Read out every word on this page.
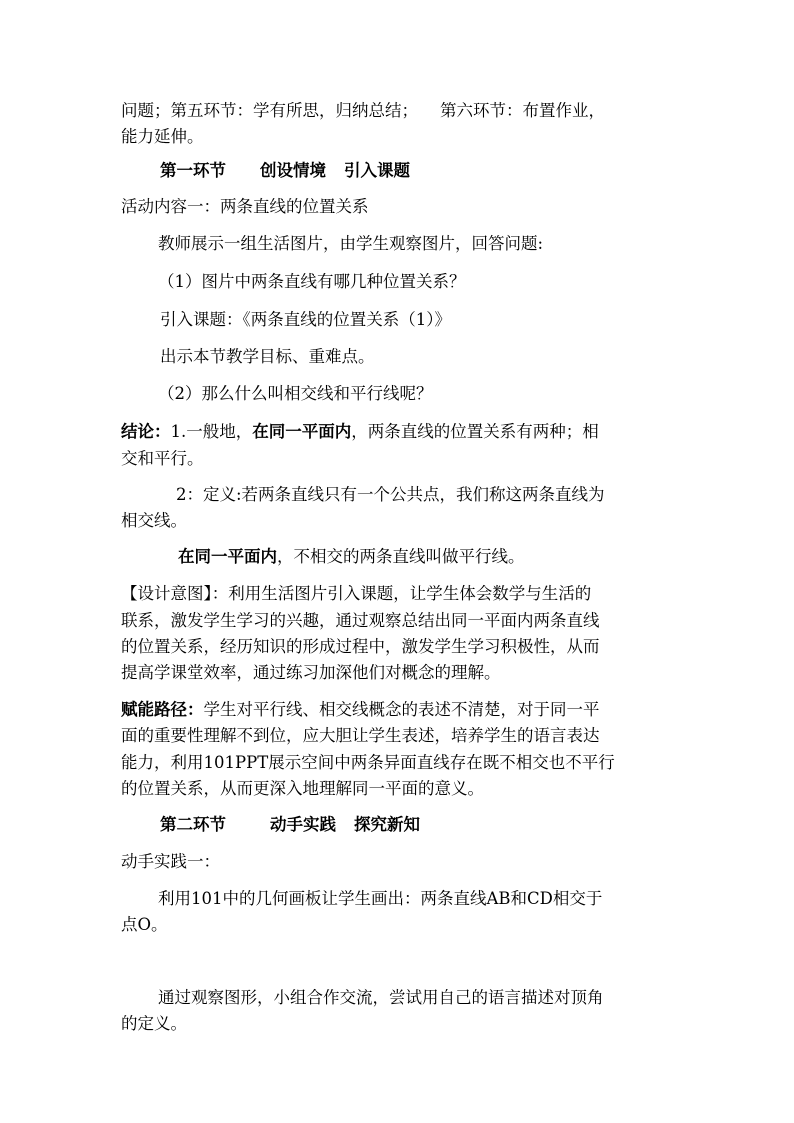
问题；第五环节：学有所思，归纳总结； 第六环节：布置作业，
能力延伸。
第一环节 创设情境 引入课题
活动内容一：两条直线的位置关系
教师展示一组生活图片，由学生观察图片，回答问题:
（1）图片中两条直线有哪几种位置关系？
引入课题：《两条直线的位置关系（1）》
出示本节教学目标、重难点。
（2）那么什么叫相交线和平行线呢？
结论：1.一般地，在同一平面内，两条直线的位置关系有两种；相
交和平行。
2：定义:若两条直线只有一个公共点，我们称这两条直线为
相交线。
在同一平面内，不相交的两条直线叫做平行线。
【设计意图】：利用生活图片引入课题，让学生体会数学与生活的
联系，激发学生学习的兴趣，通过观察总结出同一平面内两条直线
的位置关系，经历知识的形成过程中，激发学生学习积极性，从而
提高学课堂效率，通过练习加深他们对概念的理解。
赋能路径：学生对平行线、相交线概念的表述不清楚，对于同一平
面的重要性理解不到位，应大胆让学生表述，培养学生的语言表达
能力，利用101PPT展示空间中两条异面直线存在既不相交也不平行
的位置关系，从而更深入地理解同一平面的意义。
第二环节	动手实践 探究新知
动手实践一：
利用101中的几何画板让学生画出：两条直线AB和CD相交于
点O。
通过观察图形，小组合作交流，尝试用自己的语言描述对顶角
的定义。
